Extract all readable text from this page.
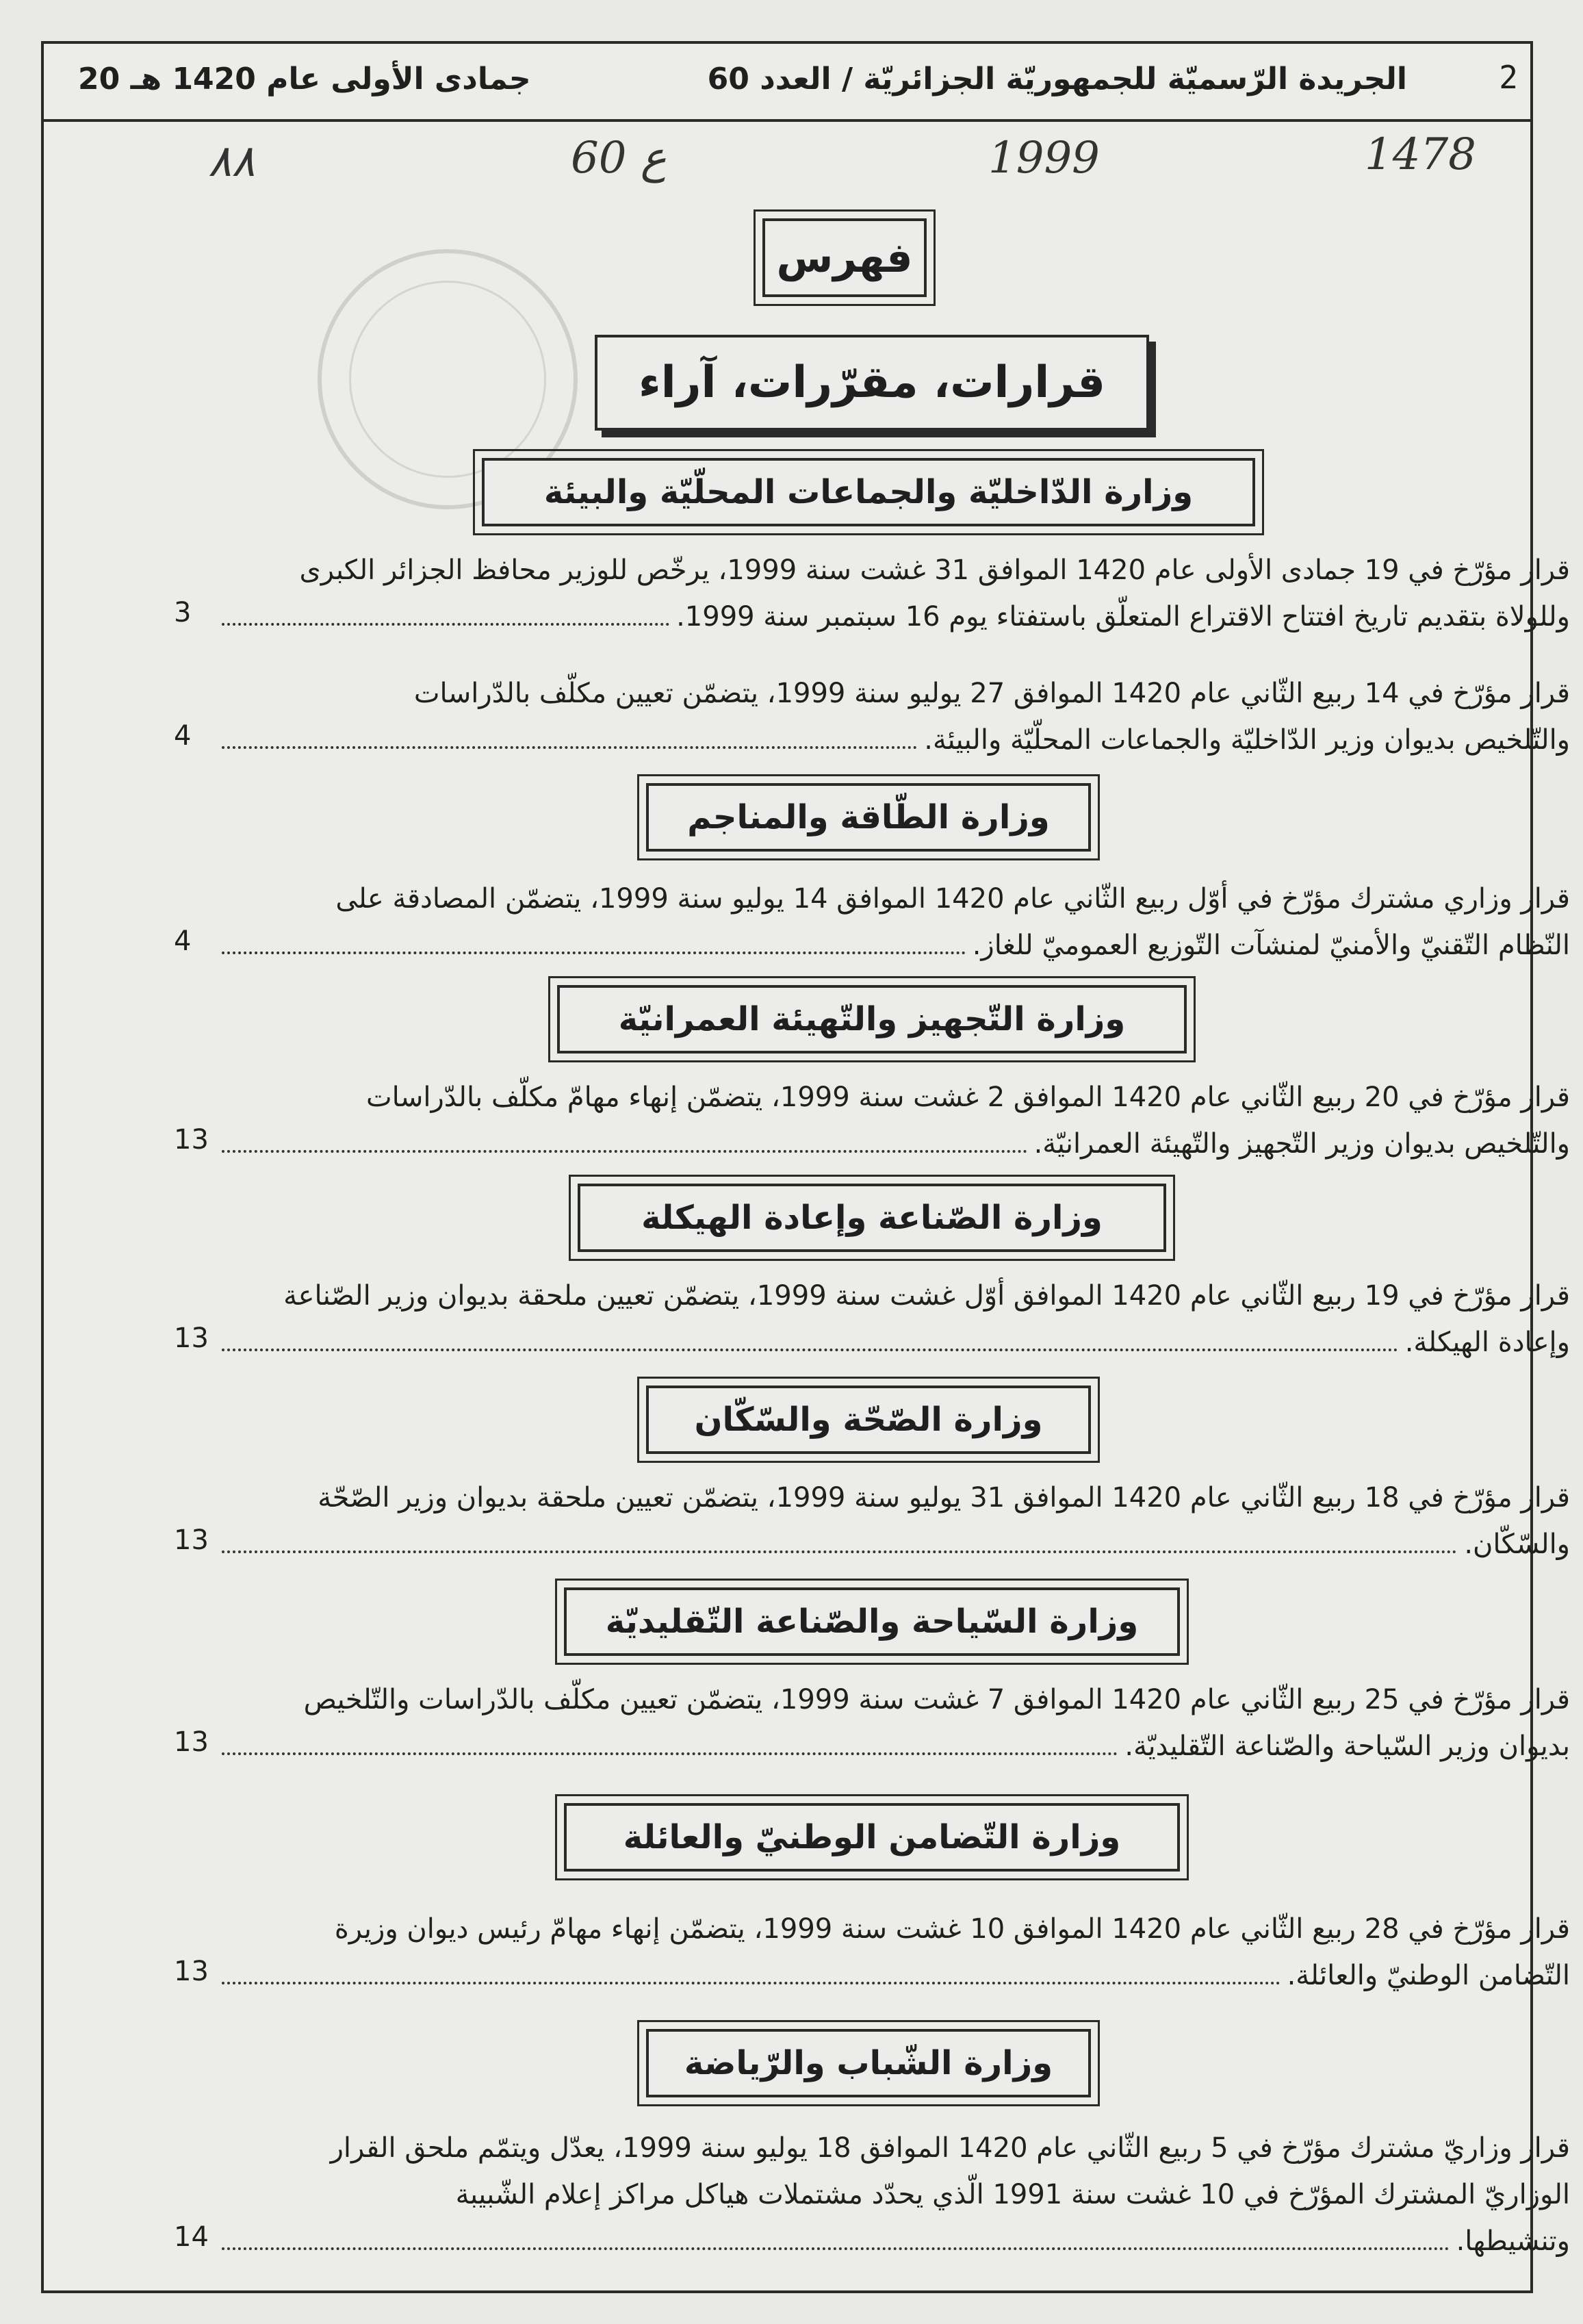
2
الجريدة الرّسميّة للجمهوريّة الجزائريّة / العدد 60
20 جمادى الأولى عام 1420 هـ
٨٨	60 ع	1999	1478
فهرس
قرارات، مقرّرات، آراء
وزارة الدّاخليّة والجماعات المحلّيّة والبيئة
قرار مؤرّخ في 19 جمادى الأولى عام 1420 الموافق 31 غشت سنة 1999، يرخّص للوزير محافظ الجزائر الكبرى
وللولاة بتقديم تاريخ افتتاح الاقتراع المتعلّق باستفتاء يوم 16 سبتمبر سنة 1999.
3
قرار مؤرّخ في 14 ربيع الثّاني عام 1420 الموافق 27 يوليو سنة 1999، يتضمّن تعيين مكلّف بالدّراسات
والتّلخيص بديوان وزير الدّاخليّة والجماعات المحلّيّة والبيئة.
4
وزارة الطّاقة والمناجم
قرار وزاري مشترك مؤرّخ في أوّل ربيع الثّاني عام 1420 الموافق 14 يوليو سنة 1999، يتضمّن المصادقة على
النّظام التّقنيّ والأمنيّ لمنشآت التّوزيع العموميّ للغاز.
4
وزارة التّجهيز والتّهيئة العمرانيّة
قرار مؤرّخ في 20 ربيع الثّاني عام 1420 الموافق 2 غشت سنة 1999، يتضمّن إنهاء مهامّ مكلّف بالدّراسات
والتّلخيص بديوان وزير التّجهيز والتّهيئة العمرانيّة.
13
وزارة الصّناعة وإعادة الهيكلة
قرار مؤرّخ في 19 ربيع الثّاني عام 1420 الموافق أوّل غشت سنة 1999، يتضمّن تعيين ملحقة بديوان وزير الصّناعة
وإعادة الهيكلة.
13
وزارة الصّحّة والسّكّان
قرار مؤرّخ في 18 ربيع الثّاني عام 1420 الموافق 31 يوليو سنة 1999، يتضمّن تعيين ملحقة بديوان وزير الصّحّة
والسّكّان.
13
وزارة السّياحة والصّناعة التّقليديّة
قرار مؤرّخ في 25 ربيع الثّاني عام 1420 الموافق 7 غشت سنة 1999، يتضمّن تعيين مكلّف بالدّراسات والتّلخيص
بديوان وزير السّياحة والصّناعة التّقليديّة.
13
وزارة التّضامن الوطنيّ والعائلة
قرار مؤرّخ في 28 ربيع الثّاني عام 1420 الموافق 10 غشت سنة 1999، يتضمّن إنهاء مهامّ رئيس ديوان وزيرة
التّضامن الوطنيّ والعائلة.
13
وزارة الشّباب والرّياضة
قرار وزاريّ مشترك مؤرّخ في 5 ربيع الثّاني عام 1420 الموافق 18 يوليو سنة 1999، يعدّل ويتمّم ملحق القرار
الوزاريّ المشترك المؤرّخ في 10 غشت سنة 1991 الّذي يحدّد مشتملات هياكل مراكز إعلام الشّبيبة
وتنشيطها.
14
